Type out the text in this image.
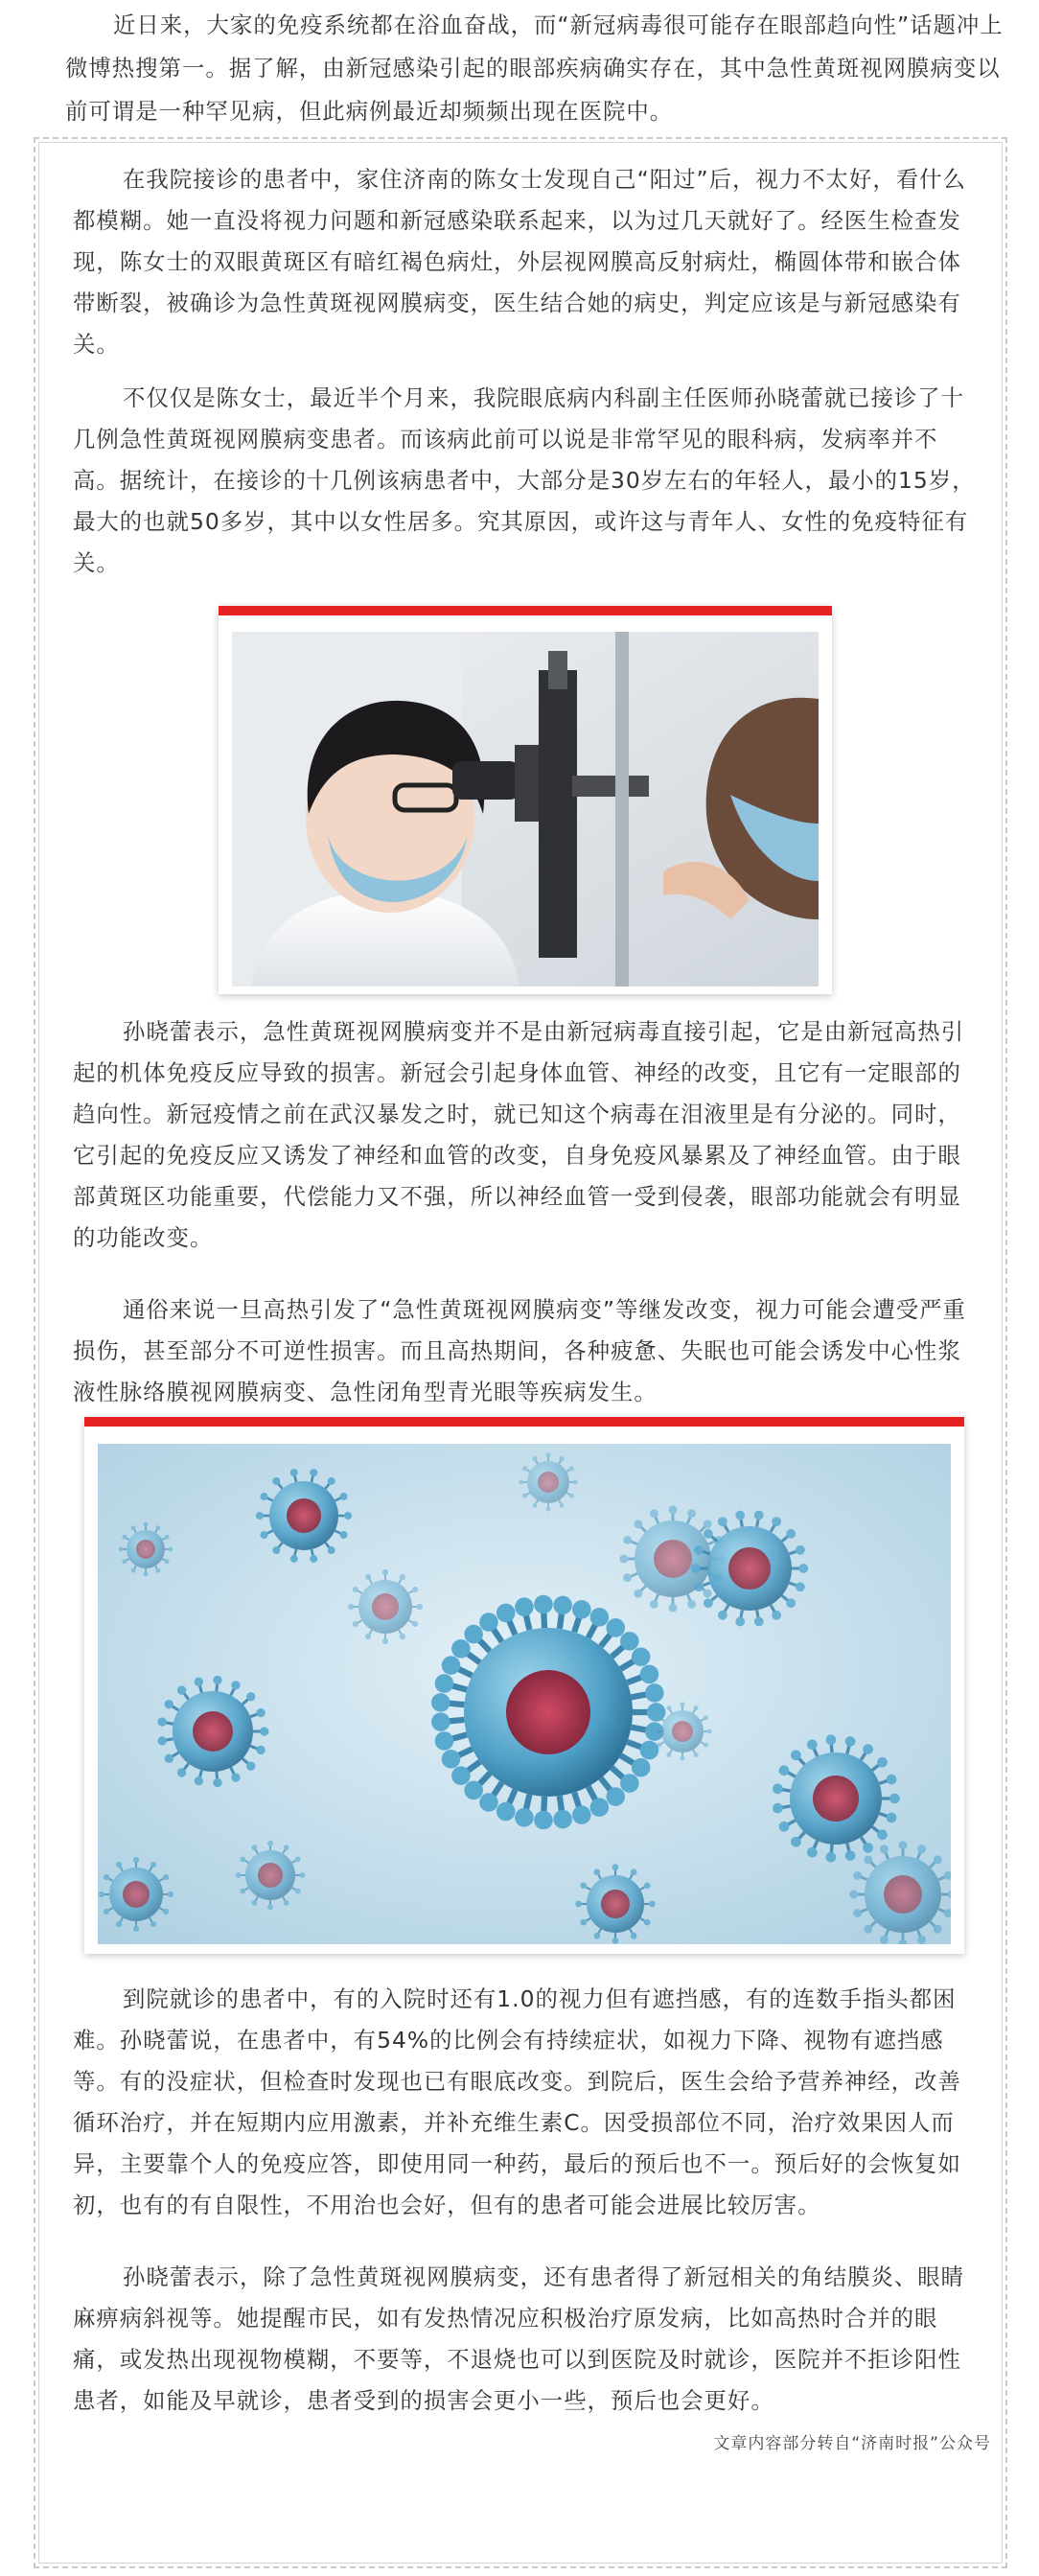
近日来，大家的免疫系统都在浴血奋战，而“新冠病毒很可能存在眼部趋向性”话题冲上微博热搜第一。据了解，由新冠感染引起的眼部疾病确实存在，其中急性黄斑视网膜病变以前可谓是一种罕见病，但此病例最近却频频出现在医院中。

在我院接诊的患者中，家住济南的陈女士发现自己“阳过”后，视力不太好，看什么都模糊。她一直没将视力问题和新冠感染联系起来，以为过几天就好了。经医生检查发现，陈女士的双眼黄斑区有暗红褐色病灶，外层视网膜高反射病灶，椭圆体带和嵌合体带断裂，被确诊为急性黄斑视网膜病变，医生结合她的病史，判定应该是与新冠感染有关。

不仅仅是陈女士，最近半个月来，我院眼底病内科副主任医师孙晓蕾就已接诊了十几例急性黄斑视网膜病变患者。而该病此前可以说是非常罕见的眼科病，发病率并不高。据统计，在接诊的十几例该病患者中，大部分是30岁左右的年轻人，最小的15岁，最大的也就50多岁，其中以女性居多。究其原因，或许这与青年人、女性的免疫特征有关。

孙晓蕾表示，急性黄斑视网膜病变并不是由新冠病毒直接引起，它是由新冠高热引起的机体免疫反应导致的损害。新冠会引起身体血管、神经的改变，且它有一定眼部的趋向性。新冠疫情之前在武汉暴发之时，就已知这个病毒在泪液里是有分泌的。同时，它引起的免疫反应又诱发了神经和血管的改变，自身免疫风暴累及了神经血管。由于眼部黄斑区功能重要，代偿能力又不强，所以神经血管一受到侵袭，眼部功能就会有明显的功能改变。

通俗来说一旦高热引发了“急性黄斑视网膜病变”等继发改变，视力可能会遭受严重损伤，甚至部分不可逆性损害。而且高热期间，各种疲惫、失眠也可能会诱发中心性浆液性脉络膜视网膜病变、急性闭角型青光眼等疾病发生。

到院就诊的患者中，有的入院时还有1.0的视力但有遮挡感，有的连数手指头都困难。孙晓蕾说，在患者中，有54%的比例会有持续症状，如视力下降、视物有遮挡感等。有的没症状，但检查时发现也已有眼底改变。到院后，医生会给予营养神经，改善循环治疗，并在短期内应用激素，并补充维生素C。因受损部位不同，治疗效果因人而异，主要靠个人的免疫应答，即使用同一种药，最后的预后也不一。预后好的会恢复如初，也有的有自限性，不用治也会好，但有的患者可能会进展比较厉害。

孙晓蕾表示，除了急性黄斑视网膜病变，还有患者得了新冠相关的角结膜炎、眼睛麻痹病斜视等。她提醒市民，如有发热情况应积极治疗原发病，比如高热时合并的眼痛，或发热出现视物模糊，不要等，不退烧也可以到医院及时就诊，医院并不拒诊阳性患者，如能及早就诊，患者受到的损害会更小一些，预后也会更好。

文章内容部分转自“济南时报”公众号
